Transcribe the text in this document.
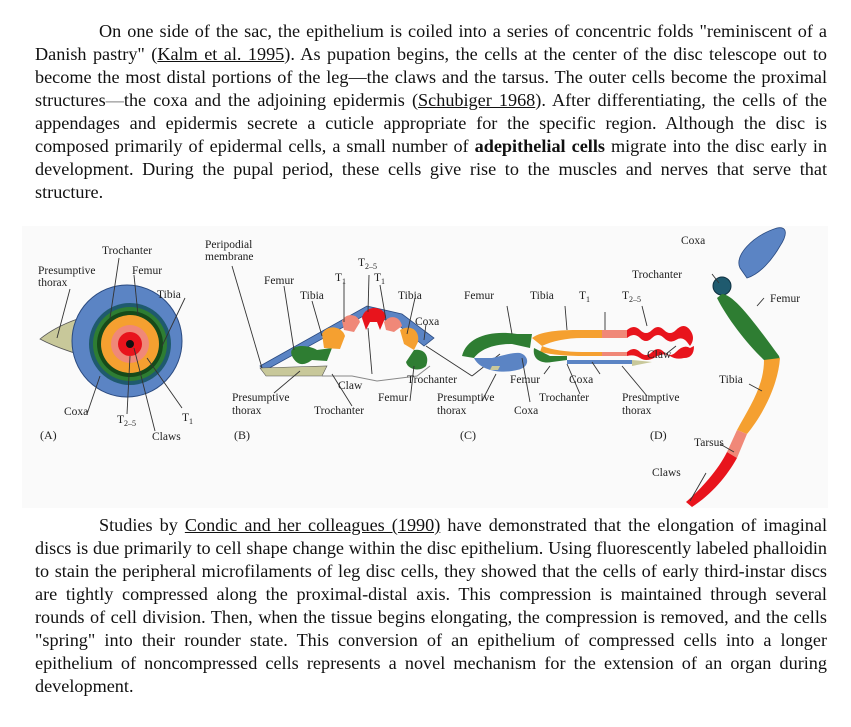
On one side of the sac, the epithelium is coiled into a series of concentric folds "reminiscent of a Danish pastry" (Kalm et al. 1995). As pupation begins, the cells at the center of the disc telescope out to become the most distal portions of the leg—the claws and the tarsus. The outer cells become the proximal structures—the coxa and the adjoining epidermis (Schubiger 1968). After differentiating, the cells of the appendages and epidermis secrete a cuticle appropriate for the specific region. Although the disc is composed primarily of epidermal cells, a small number of adepithelial cells migrate into the disc early in development. During the pupal period, these cells give rise to the muscles and nerves that serve that structure.

Trochanter
Presumptive
thorax
Femur
Tibia
Coxa
$T_{2-5}$	$T_1$
Claws
(A)
Peripodial
membrane
Femur
Tibia
$T_1$
$T_{2-5}$
$T_1$
Tibia
Coxa
Claw
Presumptive
thorax	Trochanter
Femur
(B)
Femur	Tibia $T_1$	$T_{2-5}$
Claw
Trochanter	Femur	Coxa
Presumptive
thorax	Coxa
Trochanter	Presumptive
thorax
(C)
Coxa
Trochanter
Femur
Tibia
Tarsus
Claws
(D)

Studies by Condic and her colleagues (1990) have demonstrated that the elongation of imaginal discs is due primarily to cell shape change within the disc epithelium. Using fluorescently labeled phalloidin to stain the peripheral microfilaments of leg disc cells, they showed that the cells of early third-instar discs are tightly compressed along the proximal-distal axis. This compression is maintained through several rounds of cell division. Then, when the tissue begins elongating, the compression is removed, and the cells "spring" into their rounder state. This conversion of an epithelium of compressed cells into a longer epithelium of noncompressed cells represents a novel mechanism for the extension of an organ during development.
